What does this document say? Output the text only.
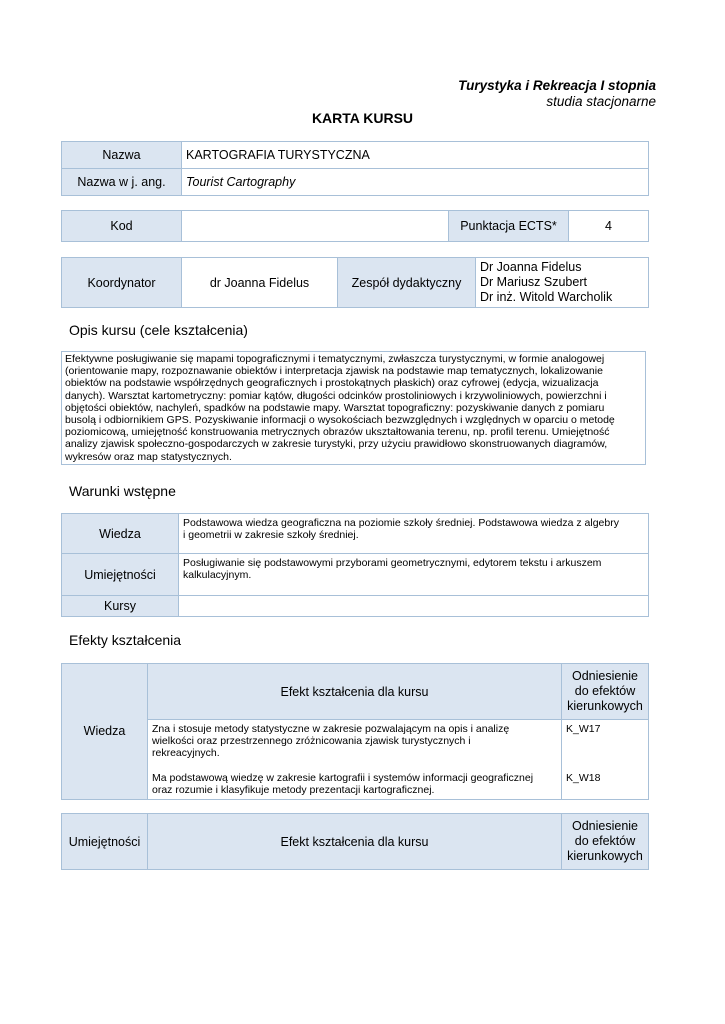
Turystyka i Rekreacja I stopnia
studia stacjonarne
KARTA KURSU
Nazwa	KARTOGRAFIA TURYSTYCZNA
Nazwa w j. ang.	Tourist Cartography
Kod		Punktacja ECTS*	4
Koordynator	dr Joanna Fidelus	Zespół dydaktyczny	
Dr Joanna Fidelus
Dr Mariusz Szubert
Dr inż. Witold Warcholik
Opis kursu (cele kształcenia)
Efektywne posługiwanie się mapami topograficznymi i tematycznymi, zwłaszcza turystycznymi, w formie analogowej
(orientowanie mapy, rozpoznawanie obiektów i interpretacja zjawisk na podstawie map tematycznych, lokalizowanie
obiektów na podstawie współrzędnych geograficznych i prostokątnych płaskich) oraz cyfrowej (edycja, wizualizacja
danych). Warsztat kartometryczny: pomiar kątów, długości odcinków prostoliniowych i krzywoliniowych, powierzchni i
objętości obiektów, nachyleń, spadków na podstawie mapy. Warsztat topograficzny: pozyskiwanie danych z pomiaru
busolą i odbiornikiem GPS. Pozyskiwanie informacji o wysokościach bezwzględnych i względnych w oparciu o metodę
poziomicową, umiejętność konstruowania metrycznych obrazów ukształtowania terenu, np. profil terenu. Umiejętność
analizy zjawisk społeczno-gospodarczych w zakresie turystyki, przy użyciu prawidłowo skonstruowanych diagramów,
wykresów oraz map statystycznych.
Warunki wstępne
Wiedza	Podstawowa wiedza geograficzna na poziomie szkoły średniej. Podstawowa wiedza z algebry
i geometrii w zakresie szkoły średniej.

Umiejętności	Posługiwanie się podstawowymi przyborami geometrycznymi, edytorem tekstu i arkuszem
kalkulacyjnym.

Kursy	
Efekty kształcenia
Wiedza	Efekt kształcenia dla kursu	Odniesienie
do efektów
kierunkowych

	Zna i stosuje metody statystyczne w zakresie pozwalającym na opis i analizę
wielkości oraz przestrzennego zróżnicowania zjawisk turystycznych i
rekreacyjnych.	K_W17

	Ma podstawową wiedzę w zakresie kartografii i systemów informacji geograficznej
oraz rozumie i klasyfikuje metody prezentacji kartograficznej.	K_W18
Umiejętności	Efekt kształcenia dla kursu	
Odniesienie
do efektów
kierunkowych
